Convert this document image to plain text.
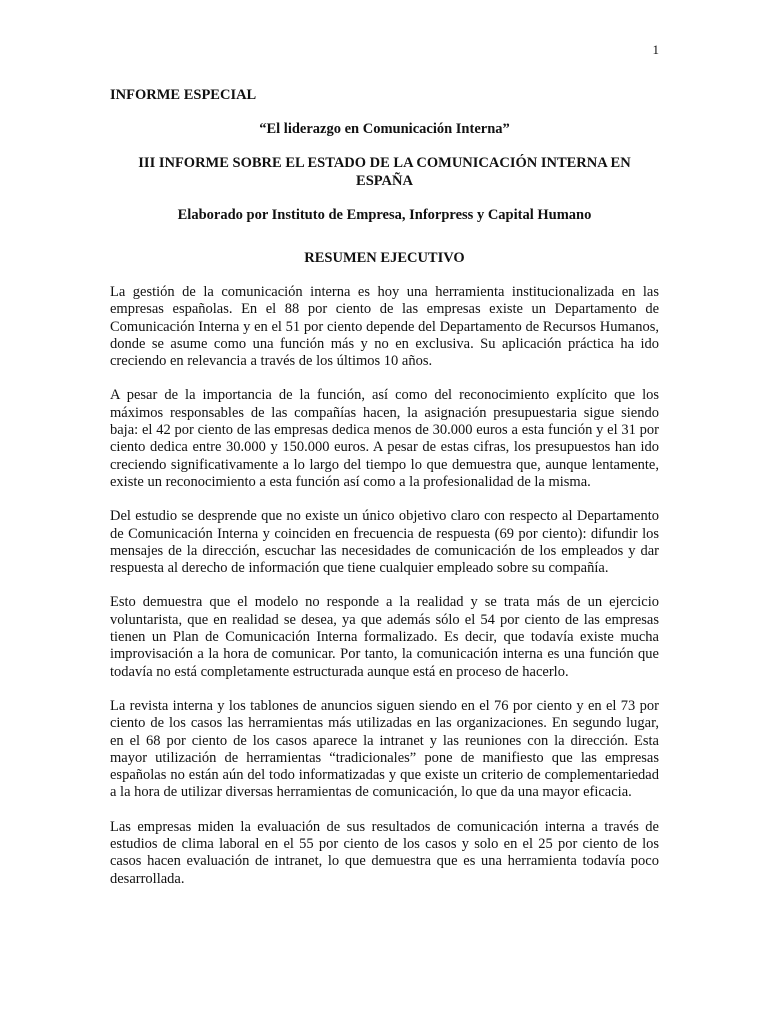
1

INFORME ESPECIAL

“El liderazgo en Comunicación Interna”

III INFORME SOBRE EL ESTADO DE LA COMUNICACIÓN INTERNA EN ESPAÑA

Elaborado por Instituto de Empresa, Inforpress y Capital Humano

RESUMEN EJECUTIVO

La gestión de la comunicación interna es hoy una herramienta institucionalizada en las empresas españolas. En el 88 por ciento de las empresas existe un Departamento de Comunicación Interna y en el 51 por ciento depende del Departamento de Recursos Humanos, donde se asume como una función más y no en exclusiva. Su aplicación práctica ha ido creciendo en relevancia a través de los últimos 10 años.

A pesar de la importancia de la función, así como del reconocimiento explícito que los máximos responsables de las compañías hacen, la asignación presupuestaria sigue siendo baja: el 42 por ciento de las empresas dedica menos de 30.000 euros a esta función y el 31 por ciento dedica entre 30.000 y 150.000 euros. A pesar de estas cifras, los presupuestos han ido creciendo significativamente a lo largo del tiempo lo que demuestra que, aunque lentamente, existe un reconocimiento a esta función así como a la profesionalidad de la misma.

Del estudio se desprende que no existe un único objetivo claro con respecto al Departamento de Comunicación Interna y coinciden en frecuencia de respuesta (69 por ciento): difundir los mensajes de la dirección, escuchar las necesidades de comunicación de los empleados y dar respuesta al derecho de información que tiene cualquier empleado sobre su compañía.

Esto demuestra que el modelo no responde a la realidad y se trata más de un ejercicio voluntarista, que en realidad se desea, ya que además sólo el 54 por ciento de las empresas tienen un Plan de Comunicación Interna formalizado. Es decir, que todavía existe mucha improvisación a la hora de comunicar. Por tanto, la comunicación interna es una función que todavía no está completamente estructurada aunque está en proceso de hacerlo.

La revista interna y los tablones de anuncios siguen siendo en el 76 por ciento y en el 73 por ciento de los casos las herramientas más utilizadas en las organizaciones. En segundo lugar, en el 68 por ciento de los casos aparece la intranet y las reuniones con la dirección. Esta mayor utilización de herramientas “tradicionales” pone de manifiesto que las empresas españolas no están aún del todo informatizadas y que existe un criterio de complementariedad a la hora de utilizar diversas herramientas de comunicación, lo que da una mayor eficacia.

Las empresas miden la evaluación de sus resultados de comunicación interna a través de estudios de clima laboral en el 55 por ciento de los casos y solo en el 25 por ciento de los casos hacen evaluación de intranet, lo que demuestra que es una herramienta todavía poco desarrollada.
